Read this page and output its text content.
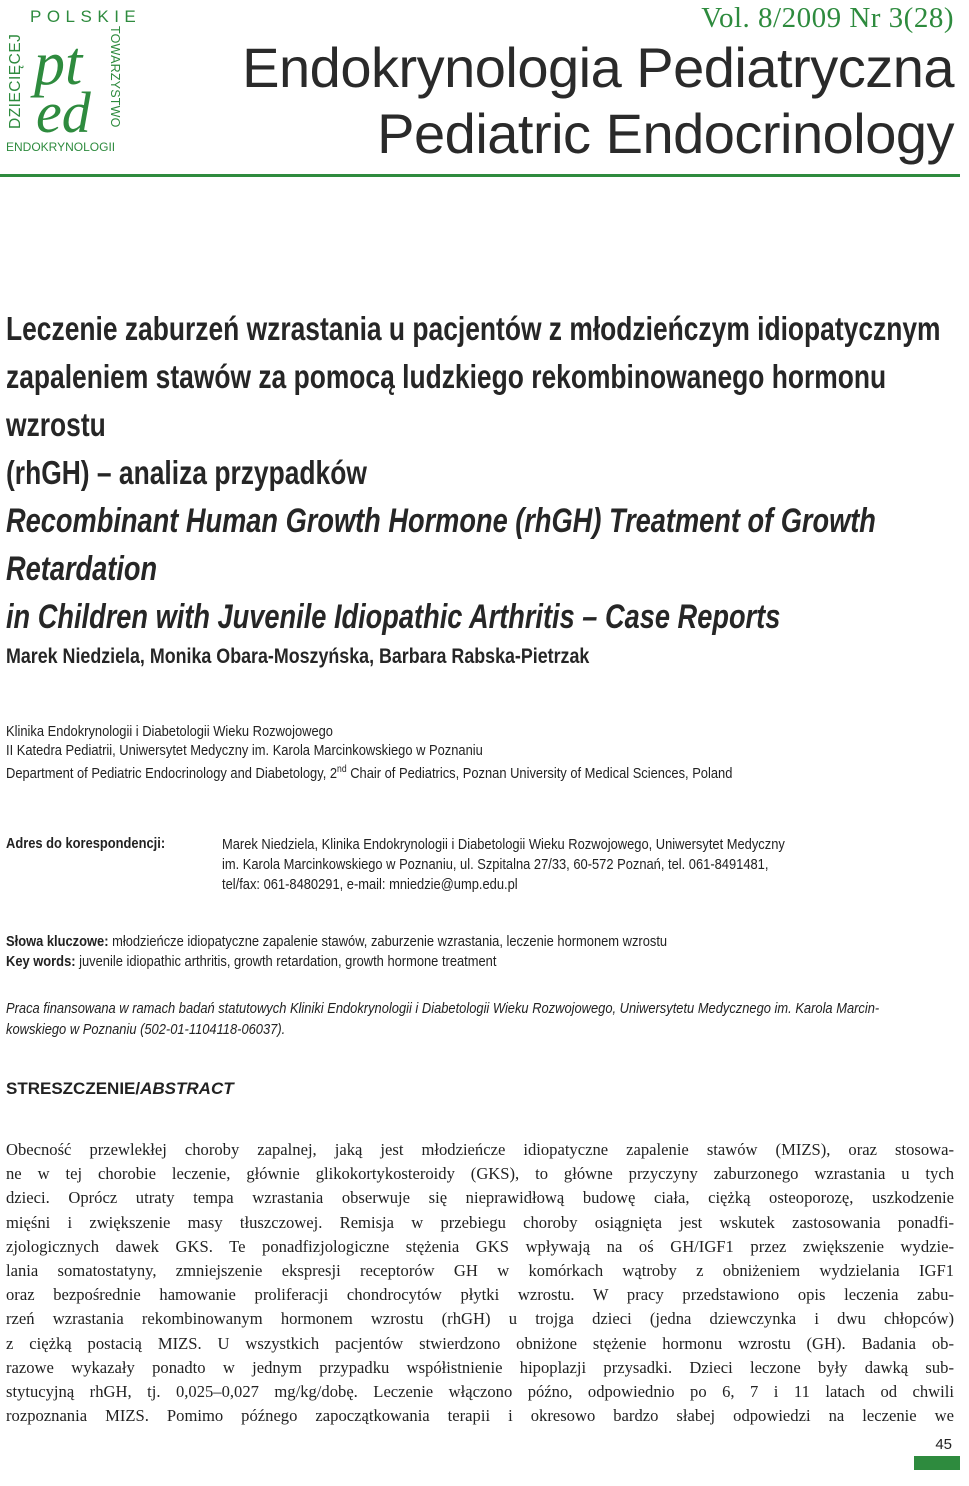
POLSKIE
DZIECIĘCEJ	TOWARZYSTWO
ENDOKRYNOLOGII
pt
ed
Vol. 8/2009 Nr 3(28)
Endokrynologia Pediatryczna
Pediatric Endocrinology
Leczenie zaburzeń wzrastania u pacjentów z młodzieńczym idiopatycznym
zapaleniem stawów za pomocą ludzkiego rekombinowanego hormonu wzrostu
(rhGH) – analiza przypadków
Recombinant Human Growth Hormone (rhGH) Treatment of Growth Retardation
in Children with Juvenile Idiopathic Arthritis – Case Reports
Marek Niedziela, Monika Obara-Moszyńska, Barbara Rabska-Pietrzak
Klinika Endokrynologii i Diabetologii Wieku Rozwojowego
II Katedra Pediatrii, Uniwersytet Medyczny im. Karola Marcinkowskiego w Poznaniu
Department of Pediatric Endocrinology and Diabetology, 2nd Chair of Pediatrics, Poznan University of Medical Sciences, Poland
Adres do korespondencji:	Marek Niedziela, Klinika Endokrynologii i Diabetologii Wieku Rozwojowego, Uniwersytet Medyczny
im. Karola Marcinkowskiego w Poznaniu, ul. Szpitalna 27/33, 60-572 Poznań, tel. 061-8491481,
tel/fax: 061-8480291, e-mail: mniedzie@ump.edu.pl
Słowa kluczowe: młodzieńcze idiopatyczne zapalenie stawów, zaburzenie wzrastania, leczenie hormonem wzrostu
Key words: juvenile idiopathic arthritis, growth retardation, growth hormone treatment
Praca finansowana w ramach badań statutowych Kliniki Endokrynologii i Diabetologii Wieku Rozwojowego, Uniwersytetu Medycznego im. Karola Marcin-
kowskiego w Poznaniu (502-01-1104118-06037).
STRESZCZENIE/ABSTRACT
Obecność przewlekłej choroby zapalnej, jaką jest młodzieńcze idiopatyczne zapalenie stawów (MIZS), oraz stosowa-
ne w tej chorobie leczenie, głównie glikokortykosteroidy (GKS), to główne przyczyny zaburzonego wzrastania u tych
dzieci. Oprócz utraty tempa wzrastania obserwuje się nieprawidłową budowę ciała, ciężką osteoporozę, uszkodzenie
mięśni i zwiększenie masy tłuszczowej. Remisja w przebiegu choroby osiągnięta jest wskutek zastosowania ponadfi-
zjologicznych dawek GKS. Te ponadfizjologiczne stężenia GKS wpływają na oś GH/IGF1 przez zwiększenie wydzie-
lania somatostatyny, zmniejszenie ekspresji receptorów GH w komórkach wątroby z obniżeniem wydzielania IGF1
oraz bezpośrednie hamowanie proliferacji chondrocytów płytki wzrostu. W pracy przedstawiono opis leczenia zabu-
rzeń wzrastania rekombinowanym hormonem wzrostu (rhGH) u trojga dzieci (jedna dziewczynka i dwu chłopców)
z ciężką postacią MIZS. U wszystkich pacjentów stwierdzono obniżone stężenie hormonu wzrostu (GH). Badania ob-
razowe wykazały ponadto w jednym przypadku współistnienie hipoplazji przysadki. Dzieci leczone były dawką sub-
stytucyjną rhGH, tj. 0,025–0,027 mg/kg/dobę. Leczenie włączono późno, odpowiednio po 6, 7 i 11 latach od chwili
rozpoznania MIZS. Pomimo późnego zapoczątkowania terapii i okresowo bardzo słabej odpowiedzi na leczenie we
45
